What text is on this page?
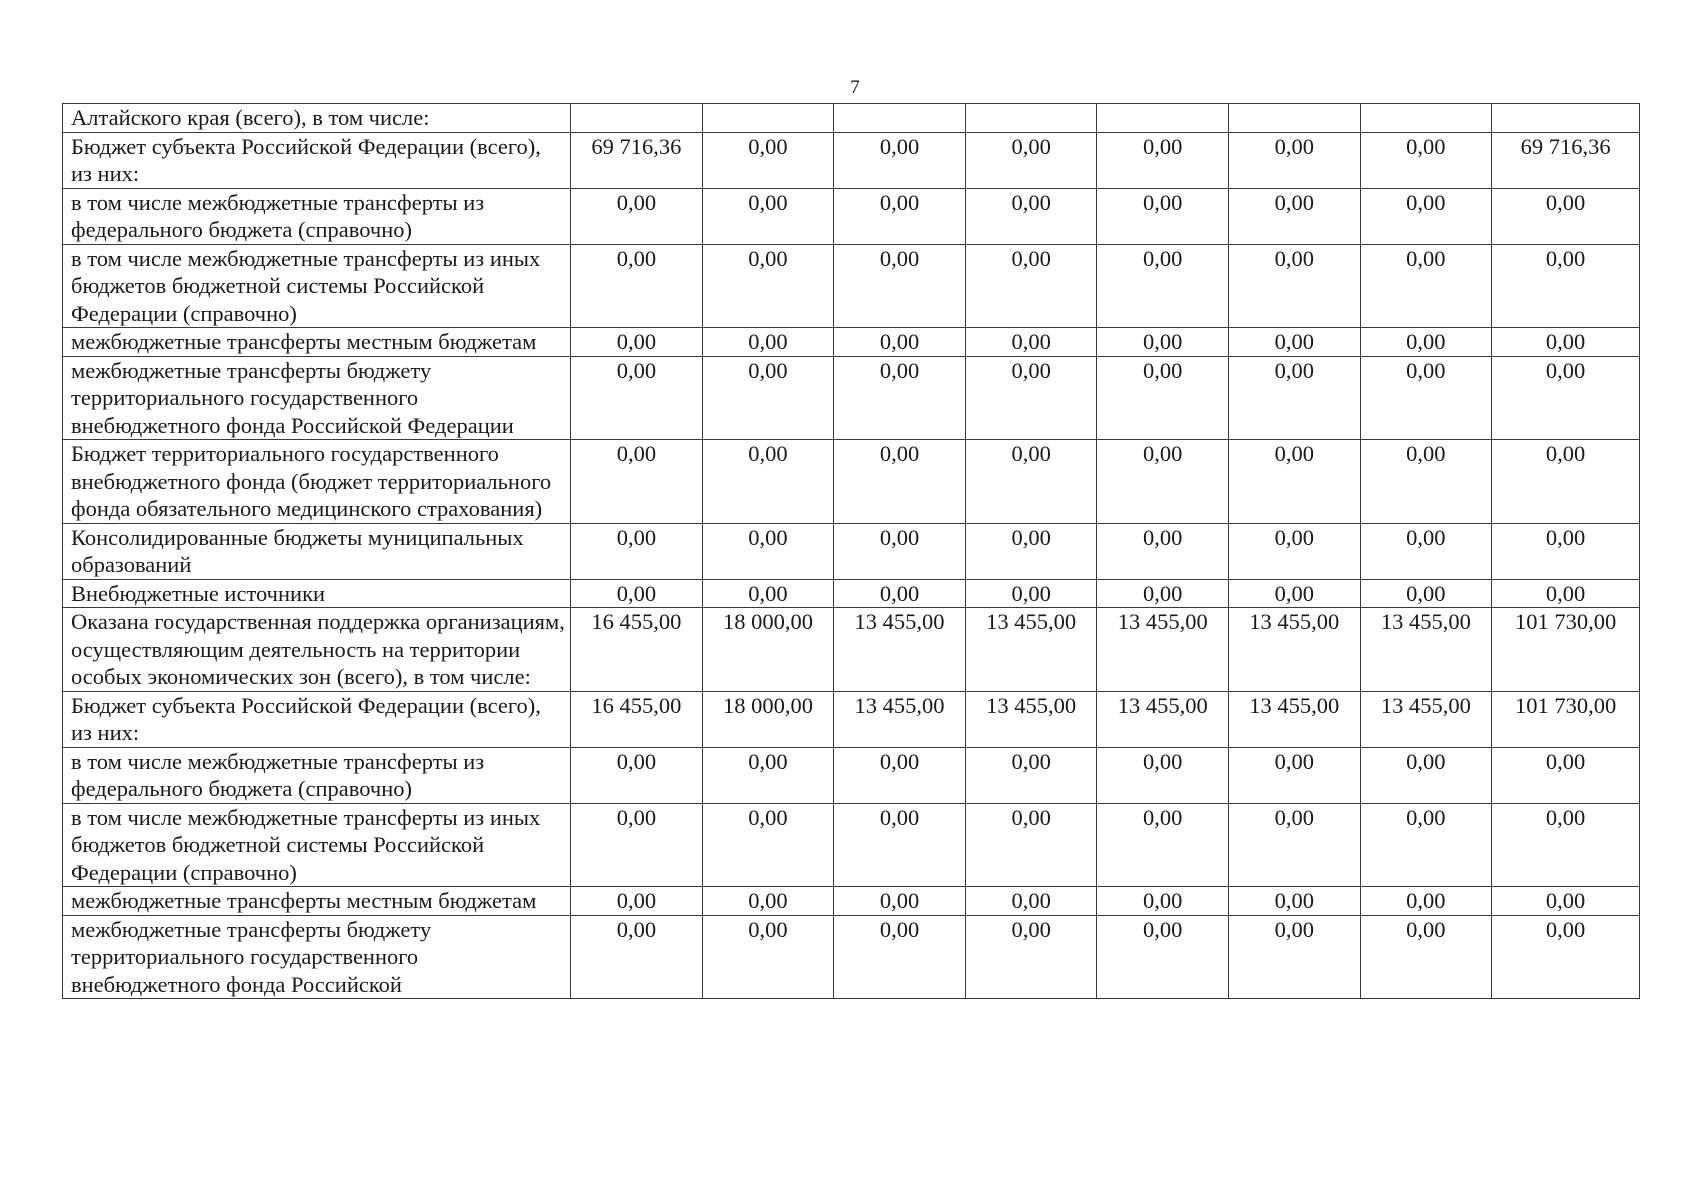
7
Алтайского края (всего), в том числе:								
Бюджет субъекта Российской Федерации (всего), из них:	69 716,36	0,00	0,00	0,00	0,00	0,00	0,00	69 716,36
в том числе межбюджетные трансферты из федерального бюджета (справочно)	0,00	0,00	0,00	0,00	0,00	0,00	0,00	0,00
в том числе межбюджетные трансферты из иных бюджетов бюджетной системы Российской Федерации (справочно)	0,00	0,00	0,00	0,00	0,00	0,00	0,00	0,00
межбюджетные трансферты местным бюджетам	0,00	0,00	0,00	0,00	0,00	0,00	0,00	0,00
межбюджетные трансферты бюджету территориального государственного внебюджетного фонда Российской Федерации	0,00	0,00	0,00	0,00	0,00	0,00	0,00	0,00
Бюджет территориального государственного внебюджетного фонда (бюджет территориального фонда обязательного медицинского страхования)	0,00	0,00	0,00	0,00	0,00	0,00	0,00	0,00
Консолидированные бюджеты муниципальных образований	0,00	0,00	0,00	0,00	0,00	0,00	0,00	0,00
Внебюджетные источники	0,00	0,00	0,00	0,00	0,00	0,00	0,00	0,00
Оказана государственная поддержка организациям, осуществляющим деятельность на территории особых экономических зон (всего), в том числе:	16 455,00	18 000,00	13 455,00	13 455,00	13 455,00	13 455,00	13 455,00	101 730,00
Бюджет субъекта Российской Федерации (всего), из них:	16 455,00	18 000,00	13 455,00	13 455,00	13 455,00	13 455,00	13 455,00	101 730,00
в том числе межбюджетные трансферты из федерального бюджета (справочно)	0,00	0,00	0,00	0,00	0,00	0,00	0,00	0,00
в том числе межбюджетные трансферты из иных бюджетов бюджетной системы Российской Федерации (справочно)	0,00	0,00	0,00	0,00	0,00	0,00	0,00	0,00
межбюджетные трансферты местным бюджетам	0,00	0,00	0,00	0,00	0,00	0,00	0,00	0,00
межбюджетные трансферты бюджету территориального государственного внебюджетного фонда Российской	0,00	0,00	0,00	0,00	0,00	0,00	0,00	0,00
